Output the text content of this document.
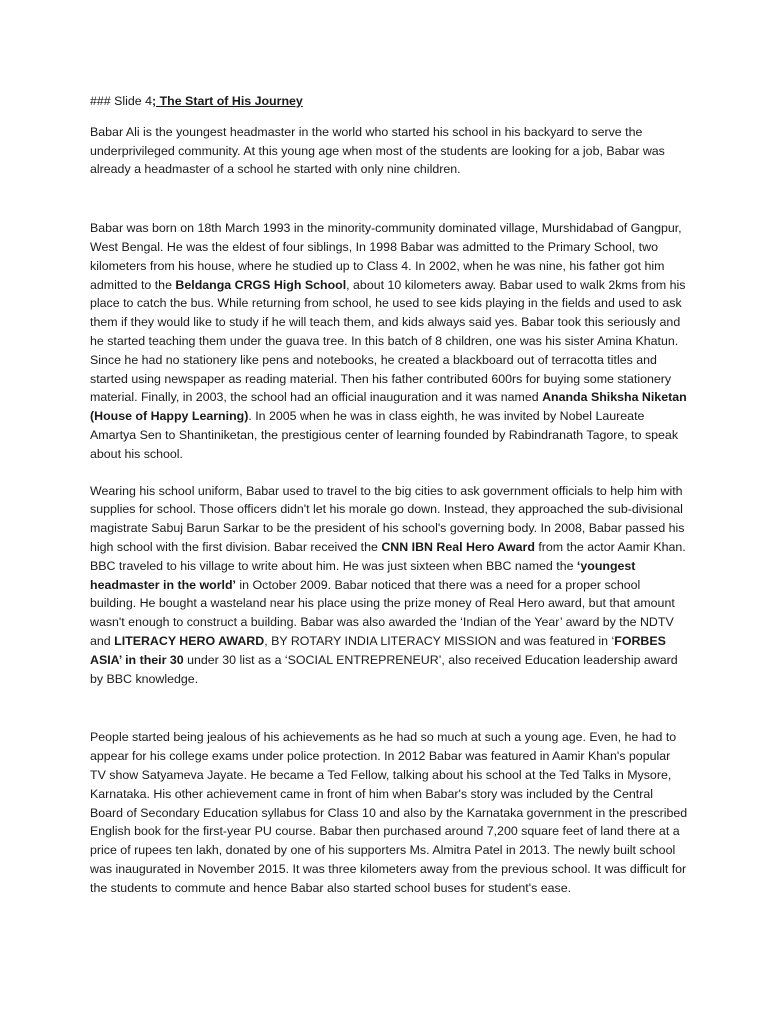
### Slide 4; The Start of His Journey

Babar Ali is the youngest headmaster in the world who started his school in his backyard to serve the underprivileged community. At this young age when most of the students are looking for a job, Babar was already a headmaster of a school he started with only nine children.

Babar was born on 18th March 1993 in the minority-community dominated village, Murshidabad of Gangpur, West Bengal. He was the eldest of four siblings, In 1998 Babar was admitted to the Primary School, two kilometers from his house, where he studied up to Class 4. In 2002, when he was nine, his father got him admitted to the Beldanga CRGS High School, about 10 kilometers away. Babar used to walk 2kms from his place to catch the bus. While returning from school, he used to see kids playing in the fields and used to ask them if they would like to study if he will teach them, and kids always said yes. Babar took this seriously and he started teaching them under the guava tree. In this batch of 8 children, one was his sister Amina Khatun. Since he had no stationery like pens and notebooks, he created a blackboard out of terracotta titles and started using newspaper as reading material. Then his father contributed 600rs for buying some stationery material. Finally, in 2003, the school had an official inauguration and it was named Ananda Shiksha Niketan (House of Happy Learning). In 2005 when he was in class eighth, he was invited by Nobel Laureate Amartya Sen to Shantiniketan, the prestigious center of learning founded by Rabindranath Tagore, to speak about his school.

Wearing his school uniform, Babar used to travel to the big cities to ask government officials to help him with supplies for school. Those officers didn't let his morale go down. Instead, they approached the sub-divisional magistrate Sabuj Barun Sarkar to be the president of his school's governing body. In 2008, Babar passed his high school with the first division. Babar received the CNN IBN Real Hero Award from the actor Aamir Khan. BBC traveled to his village to write about him. He was just sixteen when BBC named the ‘youngest headmaster in the world’ in October 2009. Babar noticed that there was a need for a proper school building. He bought a wasteland near his place using the prize money of Real Hero award, but that amount wasn't enough to construct a building. Babar was also awarded the ‘Indian of the Year’ award by the NDTV and LITERACY HERO AWARD, BY ROTARY INDIA LITERACY MISSION and was featured in ‘FORBES ASIA’ in their 30 under 30 list as a ‘SOCIAL ENTREPRENEUR’, also received Education leadership award by BBC knowledge.

People started being jealous of his achievements as he had so much at such a young age. Even, he had to appear for his college exams under police protection. In 2012 Babar was featured in Aamir Khan's popular TV show Satyameva Jayate. He became a Ted Fellow, talking about his school at the Ted Talks in Mysore, Karnataka. His other achievement came in front of him when Babar's story was included by the Central Board of Secondary Education syllabus for Class 10 and also by the Karnataka government in the prescribed English book for the first-year PU course. Babar then purchased around 7,200 square feet of land there at a price of rupees ten lakh, donated by one of his supporters Ms. Almitra Patel in 2013. The newly built school was inaugurated in November 2015. It was three kilometers away from the previous school. It was difficult for the students to commute and hence Babar also started school buses for student's ease.
